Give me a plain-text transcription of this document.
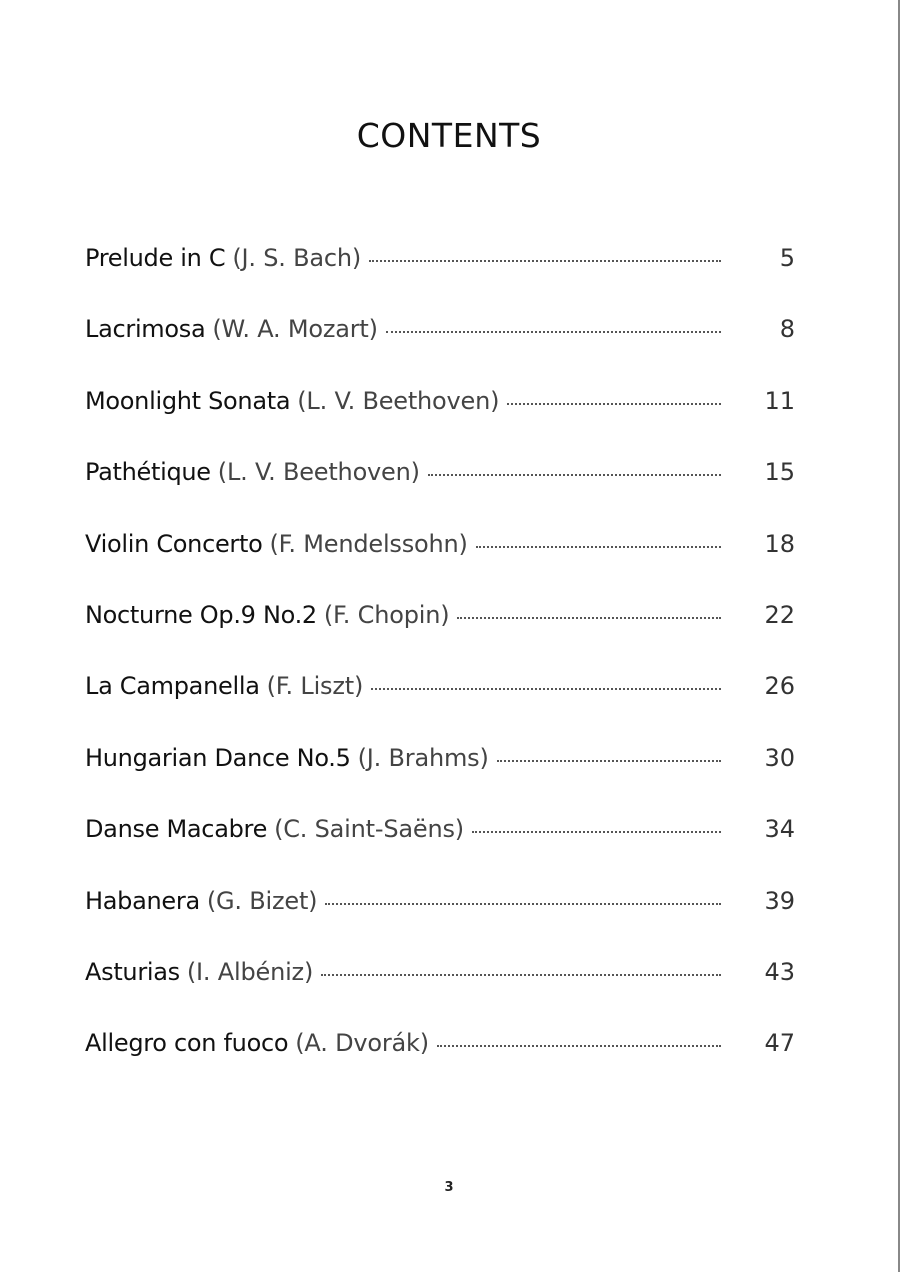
CONTENTS
Prelude in C (J. S. Bach)	5
Lacrimosa (W. A. Mozart)	8
Moonlight Sonata (L. V. Beethoven)	11
Pathétique (L. V. Beethoven)	15
Violin Concerto (F. Mendelssohn)	18
Nocturne Op.9 No.2 (F. Chopin)	22
La Campanella (F. Liszt)	26
Hungarian Dance No.5 (J. Brahms)	30
Danse Macabre (C. Saint-Saëns)	34
Habanera (G. Bizet)	39
Asturias (I. Albéniz)	43
Allegro con fuoco (A. Dvorák)	47
3
